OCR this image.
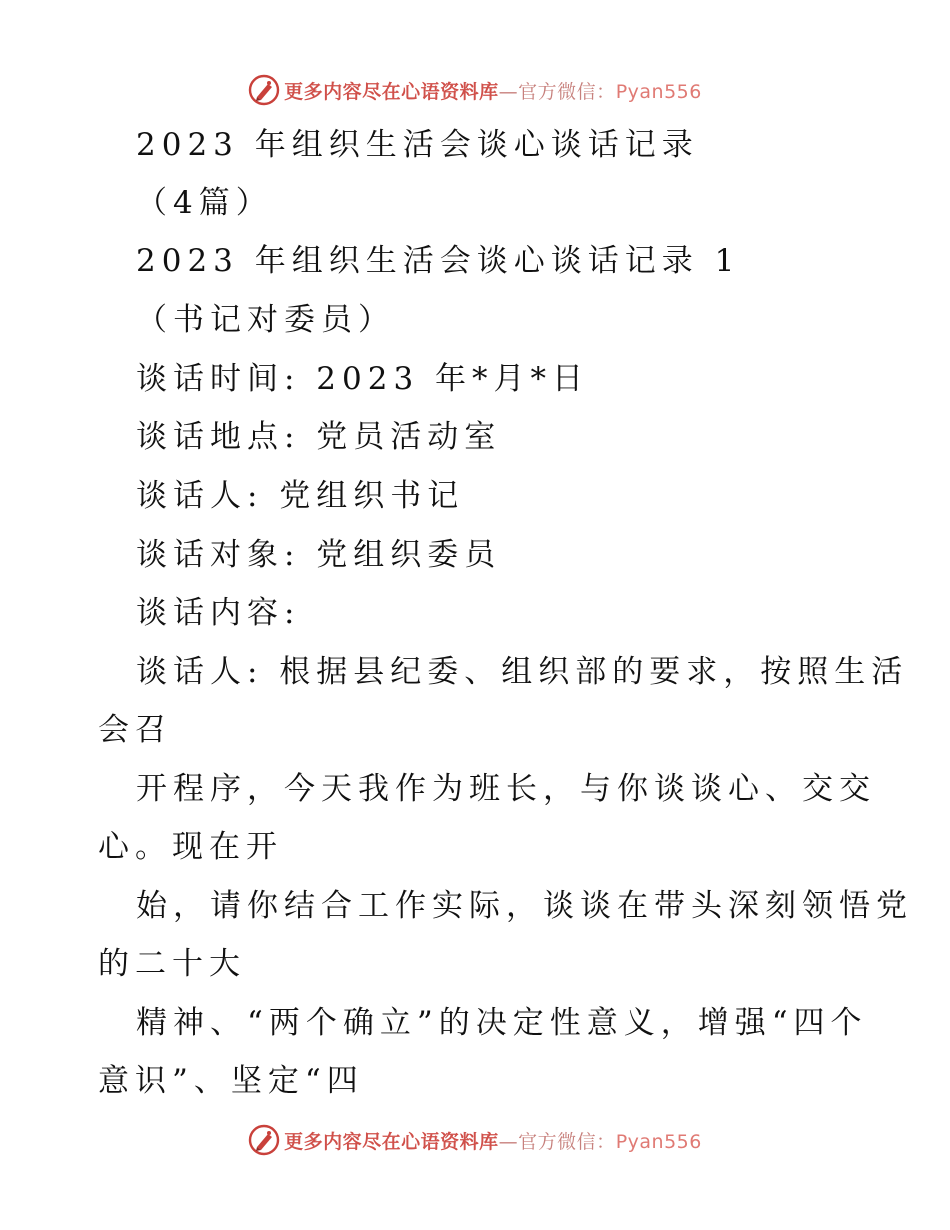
更多内容尽在心语资料库—官方微信：Pyan556
2023 年组织生活会谈心谈话记录
（4篇）
2023 年组织生活会谈心谈话记录 1
（书记对委员）
谈话时间: 2023 年*月*日
谈话地点: 党员活动室
谈话人: 党组织书记
谈话对象: 党组织委员
谈话内容:
谈话人: 根据县纪委、组织部的要求，按照生活
会召
开程序，今天我作为班长，与你谈谈心、交交
心。现在开
始，请你结合工作实际，谈谈在带头深刻领悟党
的二十大
精神、“两个确立”的决定性意义，增强“四个
意识”、坚定“四
更多内容尽在心语资料库—官方微信：Pyan556
